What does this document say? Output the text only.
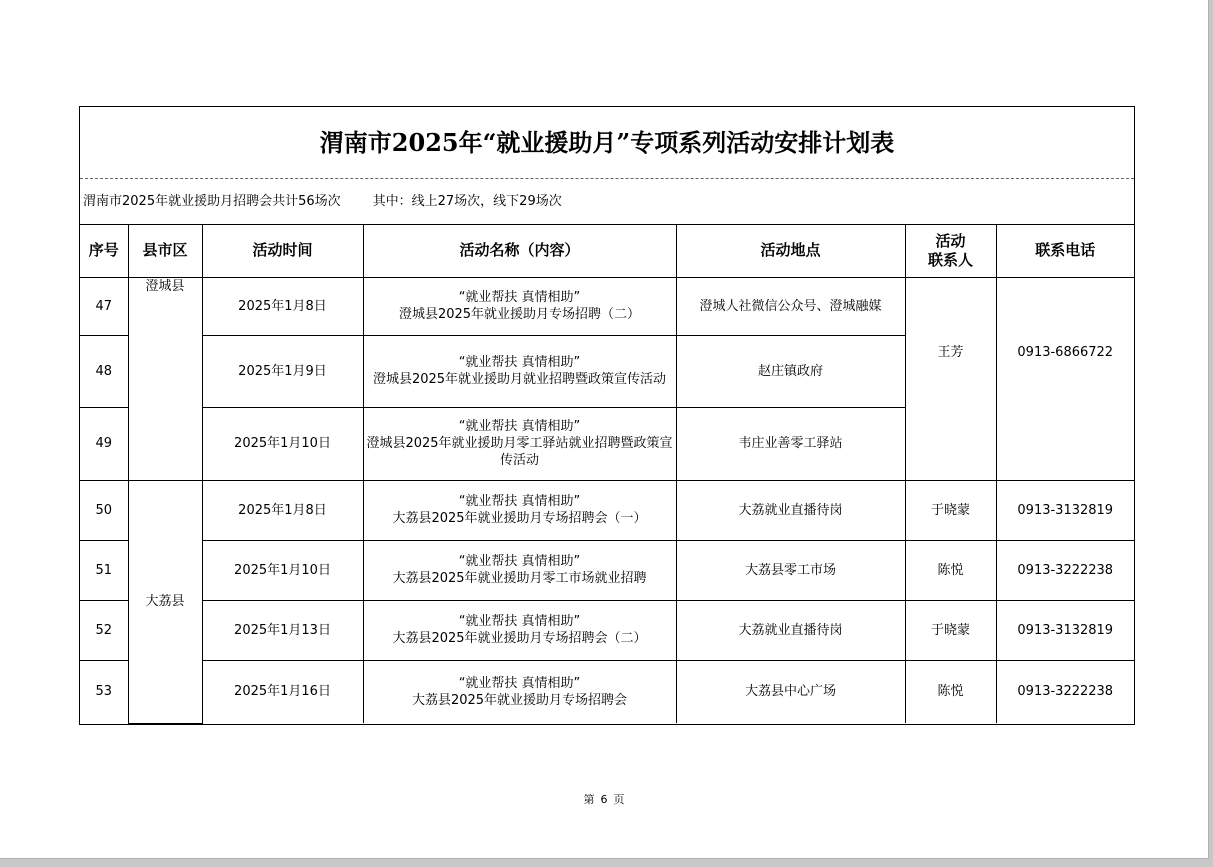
渭南市2025年“就业援助月”专项系列活动安排计划表
渭南市2025年就业援助月招聘会共计56场次 其中：线上27场次，线下29场次
序号	县市区	活动时间	活动名称（内容）	活动地点	活动
联系人	联系电话
47	澄城县	2025年1月8日	“就业帮扶 真情相助”
澄城县2025年就业援助月专场招聘（二）	澄城人社微信公众号、澄城融媒	王芳	0913-6866722
48		2025年1月9日	“就业帮扶 真情相助”
澄城县2025年就业援助月就业招聘暨政策宣传活动	赵庄镇政府		
49		2025年1月10日	“就业帮扶 真情相助”
澄城县2025年就业援助月零工驿站就业招聘暨政策宣传活动	韦庄业善零工驿站		
50	大荔县	2025年1月8日	“就业帮扶 真情相助”
大荔县2025年就业援助月专场招聘会（一）	大荔就业直播待岗	于晓蒙	0913-3132819
51		2025年1月10日	“就业帮扶 真情相助”
大荔县2025年就业援助月零工市场就业招聘	大荔县零工市场	陈悦	0913-3222238
52		2025年1月13日	“就业帮扶 真情相助”
大荔县2025年就业援助月专场招聘会（二）	大荔就业直播待岗	于晓蒙	0913-3132819
53		2025年1月16日	“就业帮扶 真情相助”
大荔县2025年就业援助月专场招聘会	大荔县中心广场	陈悦	0913-3222238
第 6 页
